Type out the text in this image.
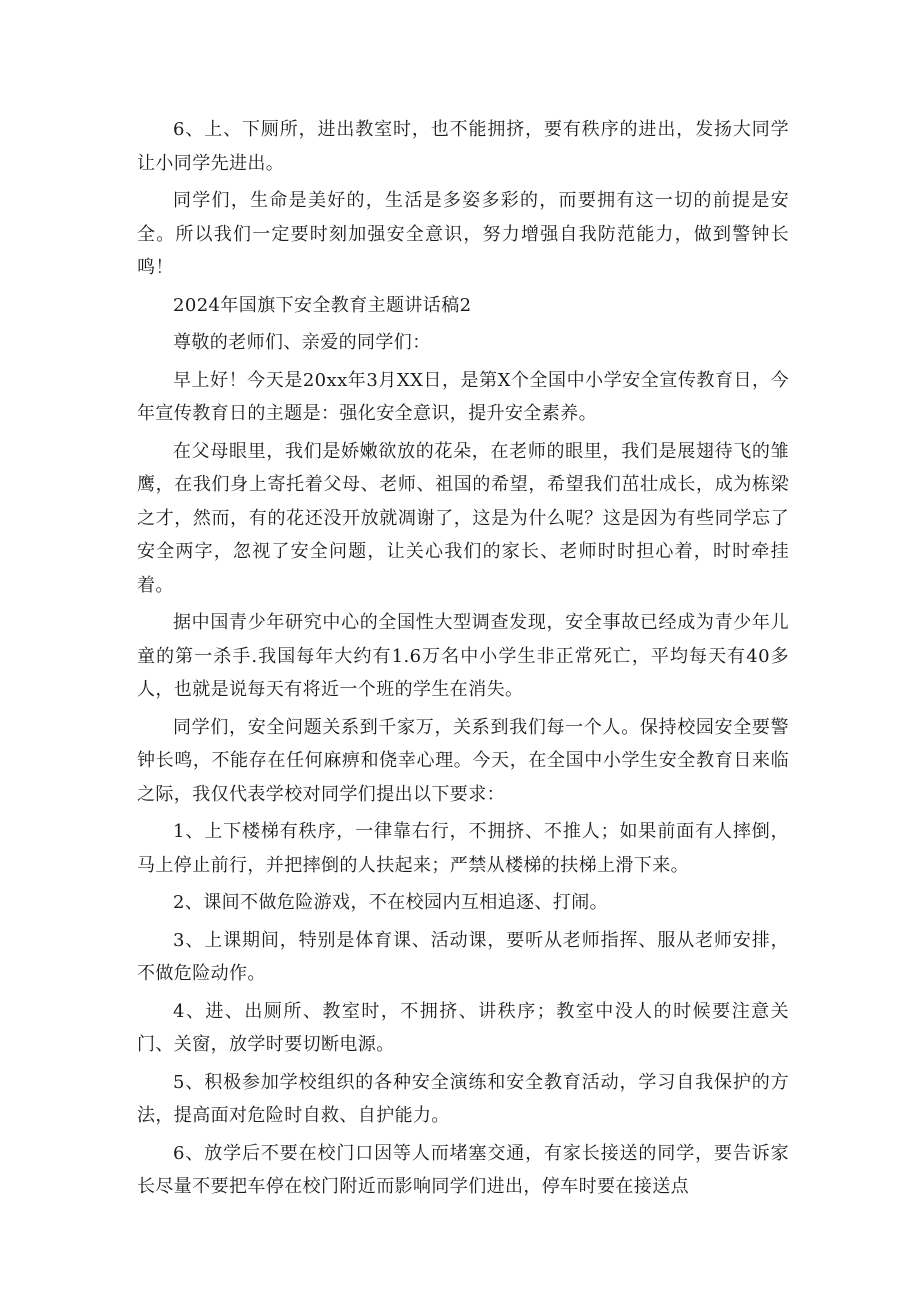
6、上、下厕所，进出教室时，也不能拥挤，要有秩序的进出，发扬大同学让小同学先进出。

同学们，生命是美好的，生活是多姿多彩的，而要拥有这一切的前提是安全。所以我们一定要时刻加强安全意识，努力增强自我防范能力，做到警钟长鸣！

2024年国旗下安全教育主题讲话稿2

尊敬的老师们、亲爱的同学们：

早上好！今天是20xx年3月XX日，是第X个全国中小学安全宣传教育日，今年宣传教育日的主题是：强化安全意识，提升安全素养。

在父母眼里，我们是娇嫩欲放的花朵，在老师的眼里，我们是展翅待飞的雏鹰，在我们身上寄托着父母、老师、祖国的希望，希望我们茁壮成长，成为栋梁之才，然而，有的花还没开放就凋谢了，这是为什么呢？这是因为有些同学忘了安全两字，忽视了安全问题，让关心我们的家长、老师时时担心着，时时牵挂着。

据中国青少年研究中心的全国性大型调查发现，安全事故已经成为青少年儿童的第一杀手.我国每年大约有1.6万名中小学生非正常死亡，平均每天有40多人，也就是说每天有将近一个班的学生在消失。

同学们，安全问题关系到千家万，关系到我们每一个人。保持校园安全要警钟长鸣，不能存在任何麻痹和侥幸心理。今天，在全国中小学生安全教育日来临之际，我仅代表学校对同学们提出以下要求：

1、上下楼梯有秩序，一律靠右行，不拥挤、不推人；如果前面有人摔倒，马上停止前行，并把摔倒的人扶起来；严禁从楼梯的扶梯上滑下来。

2、课间不做危险游戏，不在校园内互相追逐、打闹。

3、上课期间，特别是体育课、活动课，要听从老师指挥、服从老师安排，不做危险动作。

4、进、出厕所、教室时，不拥挤、讲秩序；教室中没人的时候要注意关门、关窗，放学时要切断电源。

5、积极参加学校组织的各种安全演练和安全教育活动，学习自我保护的方法，提高面对危险时自救、自护能力。

6、放学后不要在校门口因等人而堵塞交通，有家长接送的同学，要告诉家长尽量不要把车停在校门附近而影响同学们进出，停车时要在接送点
